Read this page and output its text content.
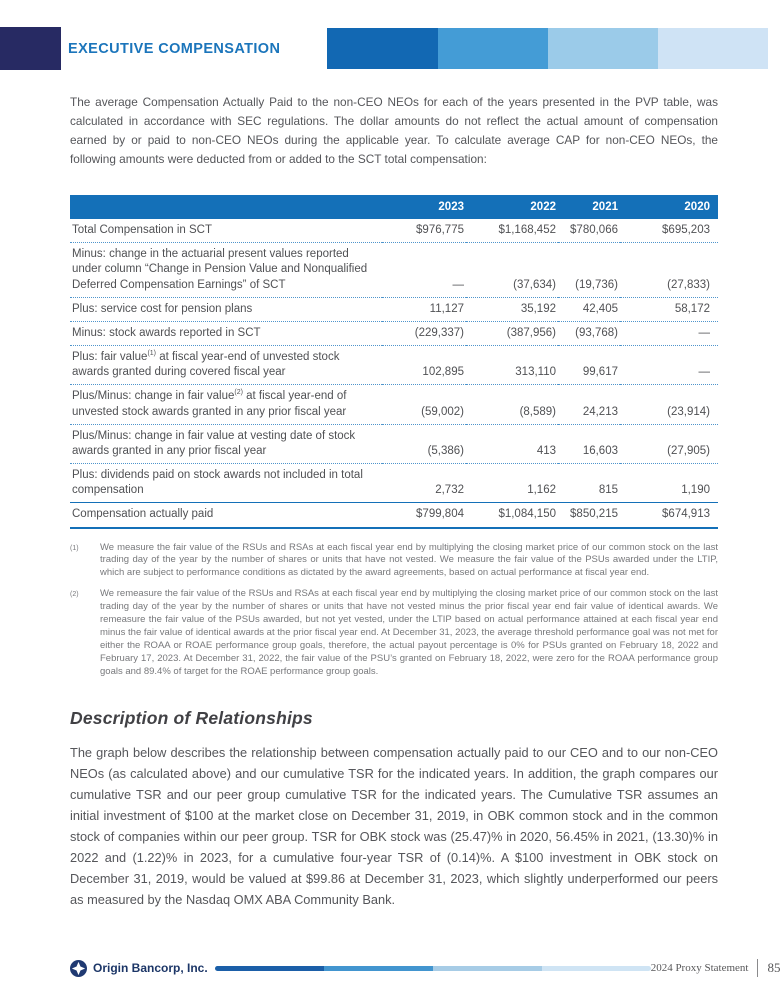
EXECUTIVE COMPENSATION

The average Compensation Actually Paid to the non-CEO NEOs for each of the years presented in the PVP table, was calculated in accordance with SEC regulations. The dollar amounts do not reflect the actual amount of compensation earned by or paid to non-CEO NEOs during the applicable year. To calculate average CAP for non-CEO NEOs, the following amounts were deducted from or added to the SCT total compensation:

	2023	2022	2021	2020
Total Compensation in SCT	$976,775	$1,168,452	$780,066	$695,203
Minus: change in the actuarial present values reported under column “Change in Pension Value and Nonqualified Deferred Compensation Earnings” of SCT	—	(37,634)	(19,736)	(27,833)
Plus: service cost for pension plans	11,127	35,192	42,405	58,172
Minus: stock awards reported in SCT	(229,337)	(387,956)	(93,768)	—
Plus: fair value$^{(1)}$ at fiscal year-end of unvested stock awards granted during covered fiscal year	102,895	313,110	99,617	—
Plus/Minus: change in fair value$^{(2)}$ at fiscal year-end of unvested stock awards granted in any prior fiscal year	(59,002)	(8,589)	24,213	(23,914)
Plus/Minus: change in fair value at vesting date of stock awards granted in any prior fiscal year	(5,386)	413	16,603	(27,905)
Plus: dividends paid on stock awards not included in total compensation	2,732	1,162	815	1,190
Compensation actually paid	$799,804	$1,084,150	$850,215	$674,913
(1)	We measure the fair value of the RSUs and RSAs at each fiscal year end by multiplying the closing market price of our common stock on the last trading day of the year by the number of shares or units that have not vested. We measure the fair value of the PSUs awarded under the LTIP, which are subject to performance conditions as dictated by the award agreements, based on actual performance at fiscal year end.
(2)	We remeasure the fair value of the RSUs and RSAs at each fiscal year end by multiplying the closing market price of our common stock on the last trading day of the year by the number of shares or units that have not vested minus the prior fiscal year end fair value of identical awards. We remeasure the fair value of the PSUs awarded, but not yet vested, under the LTIP based on actual performance attained at each fiscal year end minus the fair value of identical awards at the prior fiscal year end. At December 31, 2023, the average threshold performance goal was not met for either the ROAA or ROAE performance group goals, therefore, the actual payout percentage is 0% for PSUs granted on February 18, 2022 and February 17, 2023. At December 31, 2022, the fair value of the PSU’s granted on February 18, 2022, were zero for the ROAA performance group goals and 89.4% of target for the ROAE performance group goals.
Description of Relationships

The graph below describes the relationship between compensation actually paid to our CEO and to our non-CEO NEOs (as calculated above) and our cumulative TSR for the indicated years. In addition, the graph compares our cumulative TSR and our peer group cumulative TSR for the indicated years. The Cumulative TSR assumes an initial investment of $100 at the market close on December 31, 2019, in OBK common stock and in the common stock of companies within our peer group. TSR for OBK stock was (25.47)% in 2020, 56.45% in 2021, (13.30)% in 2022 and (1.22)% in 2023, for a cumulative four-year TSR of (0.14)%. A $100 investment in OBK stock on December 31, 2019, would be valued at $99.86 at December 31, 2023, which slightly underperformed our peers as measured by the Nasdaq OMX ABA Community Bank.

Origin Bancorp, Inc.	2024 Proxy Statement 85
